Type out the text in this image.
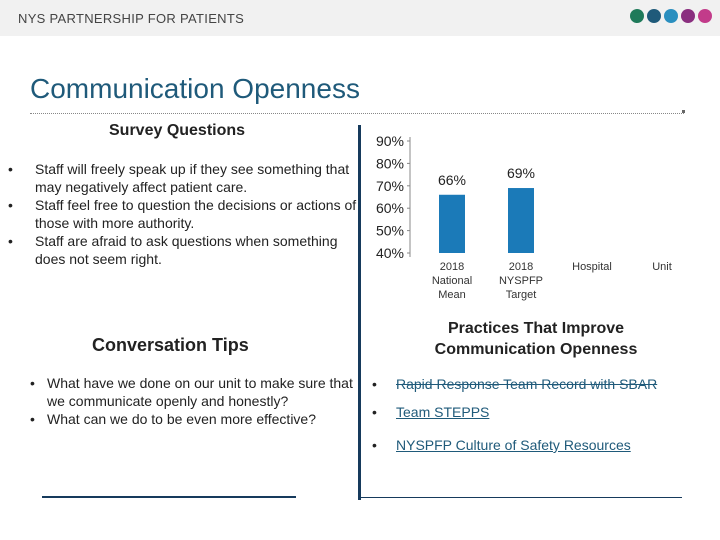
NYS PARTNERSHIP FOR PATIENTS
Communication Openness
Survey Questions
• Staff will freely speak up if they see something that may negatively affect patient care.
• Staff feel free to question the decisions or actions of those with more authority.
• Staff are afraid to ask questions when something does not seem right.
90%
80%
70%
60%
50%
40%
66%
2018
National
Mean
69%
2018
NYSPFP
Target
Hospital	Unit
Conversation Tips
• What have we done on our unit to make sure that we communicate openly and honestly?
• What can we do to be even more effective?
Practices That Improve Communication Openness
• Rapid Response Team Record with SBAR
• Team STEPPS
• NYSPFP Culture of Safety Resources
